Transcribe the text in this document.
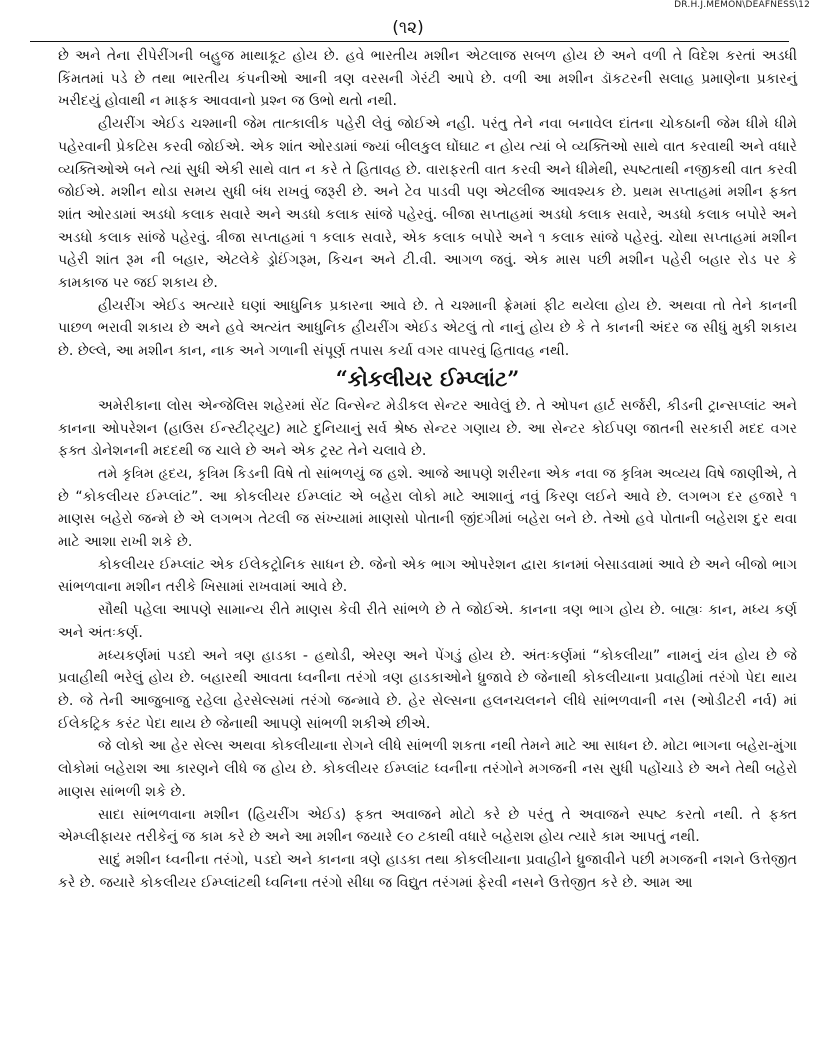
DR.H.J.MEMON\DEAFNESS\12
(૧૨)

છે અને તેના રીપેરીંગની બહુજ માથાકૂટ હોય છે. હવે ભારતીય મશીન એટલાજ સબળ હોય છે અને વળી તે વિદેશ કરતાં અડધી કિંમતમાં પડે છે તથા ભારતીય કંપનીઓ આની ત્રણ વરસની ગેરંટી આપે છે. વળી આ મશીન ડૉકટરની સલાહ પ્રમાણેના પ્રકારનું ખરીદયું હોવાથી ન માફક આવવાનો પ્રશ્ન જ ઉભો થતો નથી.

હીયરીંગ એઈડ ચશ્માની જેમ તાત્કાલીક પહેરી લેવું જોઈએ નહી. પરંતુ તેને નવા બનાવેલ દાંતના ચોકઠાની જેમ ધીમે ધીમે પહેરવાની પ્રેકટિસ કરવી જોઈએ. એક શાંત ઓરડામાં જ્યાં બીલકુલ ઘોંઘાટ ન હોય ત્યાં બે વ્યક્તિઓ સાથે વાત કરવાથી અને વધારે વ્યક્તિઓએ બને ત્યાં સુધી એકી સાથે વાત ન કરે તે હિતાવહ છે. વારાફરતી વાત કરવી અને ધીમેથી, સ્પષ્ટતાથી નજીકથી વાત કરવી જોઈએ. મશીન થોડા સમય સુધી બંધ રાખવું જરૂરી છે. અને ટેવ પાડવી પણ એટલીજ આવશ્યક છે. પ્રથમ સપ્તાહમાં મશીન ફક્ત શાંત ઓરડામાં અડધો કલાક સવારે અને અડધો કલાક સાંજે પહેરવું. બીજા સપ્તાહમાં અડધો કલાક સવારે, અડધો કલાક બપોરે અને અડધો કલાક સાંજે પહેરવું. ત્રીજા સપ્તાહમાં ૧ કલાક સવારે, એક કલાક બપોરે અને ૧ કલાક સાંજે પહેરવું. ચોથા સપ્તાહમાં મશીન પહેરી શાંત રૂમ ની બહાર, એટલેકે ડ્રોઈંગરૂમ, કિચન અને ટી.વી. આગળ જવું. એક માસ પછી મશીન પહેરી બહાર રોડ પર કે કામકાજ પર જઈ શકાય છે.

હીયરીંગ એઈડ અત્યારે ઘણાં આધુનિક પ્રકારના આવે છે. તે ચશ્માની ફ્રેમમાં ફીટ થયેલા હોય છે. અથવા તો તેને કાનની પાછળ ભરાવી શકાય છે અને હવે અત્યંત આધુનિક હીયરીંગ એઈડ એટલું તો નાનું હોય છે કે તે કાનની અંદર જ સીધું મુકી શકાય છે. છેલ્લે, આ મશીન કાન, નાક અને ગળાની સંપૂર્ણ તપાસ કર્યા વગર વાપરવું હિતાવહ નથી.

“કોકલીયર ઈમ્પ્લાંટ”

અમેરીકાના લોસ એન્જેલિસ શહેરમાં સેંટ વિન્સેન્ટ મેડીકલ સેન્ટર આવેલું છે. તે ઓપન હાર્ટ સર્જરી, કીડની ટ્રાન્સપ્લાંટ અને કાનના ઓપરેશન (હાઉસ ઈન્સ્ટીટ્યુટ) માટે દુનિયાનું સર્વ શ્રેષ્ઠ સેન્ટર ગણાય છે. આ સેન્ટર કોઈપણ જાતની સરકારી મદદ વગર ફક્ત ડોનેશનની મદદથી જ ચાલે છે અને એક ટ્રસ્ટ તેને ચલાવે છે.

તમે કૃત્રિમ હૃદય, કૃત્રિમ કિડની વિષે તો સાંભળયું જ હશે. આજે આપણે શરીરના એક નવા જ કૃત્રિમ અવ્યય વિષે જાણીએ, તે છે “કોકલીયર ઈમ્પ્લાંટ”. આ કોકલીયર ઈમ્પ્લાંટ એ બહેરા લોકો માટે આશાનું નવું કિરણ લઈને આવે છે. લગભગ દર હજારે ૧ માણસ બહેરો જન્મે છે એ લગભગ તેટલી જ સંખ્યામાં માણસો પોતાની જીંદગીમાં બહેરા બને છે. તેઓ હવે પોતાની બહેરાશ દુર થવા માટે આશા રાખી શકે છે.

કોકલીયર ઈમ્પ્લાંટ એક ઈલેકટ્રોનિક સાધન છે. જેનો એક ભાગ ઓપરેશન દ્વારા કાનમાં બેસાડવામાં આવે છે અને બીજો ભાગ સાંભળવાના મશીન તરીકે ખિસામાં રાખવામાં આવે છે.

સૌથી પહેલા આપણે સામાન્ય રીતે માણસ કેવી રીતે સાંભળે છે તે જોઈએ. કાનના ત્રણ ભાગ હોય છે. બાહ્યઃ કાન, મધ્ય કર્ણ અને અંતઃકર્ણ.

મધ્યકર્ણમાં પડદો અને ત્રણ હાડકા - હથોડી, એરણ અને પેંગડું હોય છે. અંતઃકર્ણમાં “કોકલીયા” નામનું યંત્ર હોય છે જે પ્રવાહીથી ભરેલું હોય છે. બહારથી આવતા ધ્વનીના તરંગો ત્રણ હાડકાઓને ધ્રુજાવે છે જેનાથી કોકલીયાના પ્રવાહીમાં તરંગો પેદા થાય છે. જે તેની આજુબાજુ રહેલા હેરસેલ્સમાં તરંગો જન્માવે છે. હેર સેલ્સના હલનચલનને લીધે સાંભળવાની નસ (ઓડીટરી નર્વ) માં ઈલેકટ્રિક કરંટ પેદા થાય છે જેનાથી આપણે સાંભળી શકીએ છીએ.

જે લોકો આ હેર સેલ્સ અથવા કોકલીયાના રોગને લીધે સાંભળી શકતા નથી તેમને માટે આ સાધન છે. મોટા ભાગના બહેરા-મુંગા લોકોમાં બહેરાશ આ કારણને લીધે જ હોય છે. કોકલીયર ઈમ્પ્લાંટ ધ્વનીના તરંગોને મગજની નસ સુધી પહોંચાડે છે અને તેથી બહેરો માણસ સાંભળી શકે છે.

સાદા સાંભળવાના મશીન (હિયરીંગ એઈડ) ફક્ત અવાજને મોટો કરે છે પરંતુ તે અવાજને સ્પષ્ટ કરતો નથી. તે ફક્ત એમ્પ્લીફાયર તરીકેનું જ કામ કરે છે અને આ મશીન જયારે ૯૦ ટકાથી વધારે બહેરાશ હોય ત્યારે કામ આપતું નથી.

સાદું મશીન ધ્વનીના તરંગો, પડદો અને કાનના ત્રણે હાડકા તથા કોકલીયાના પ્રવાહીને ધ્રુજાવીને પછી મગજની નશને ઉત્તેજીત કરે છે. જયારે કોકલીયર ઈમ્પ્લાંટથી ધ્વનિના તરંગો સીધા જ વિદ્યુત તરંગમાં ફેરવી નસને ઉત્તેજીત કરે છે. આમ આ
